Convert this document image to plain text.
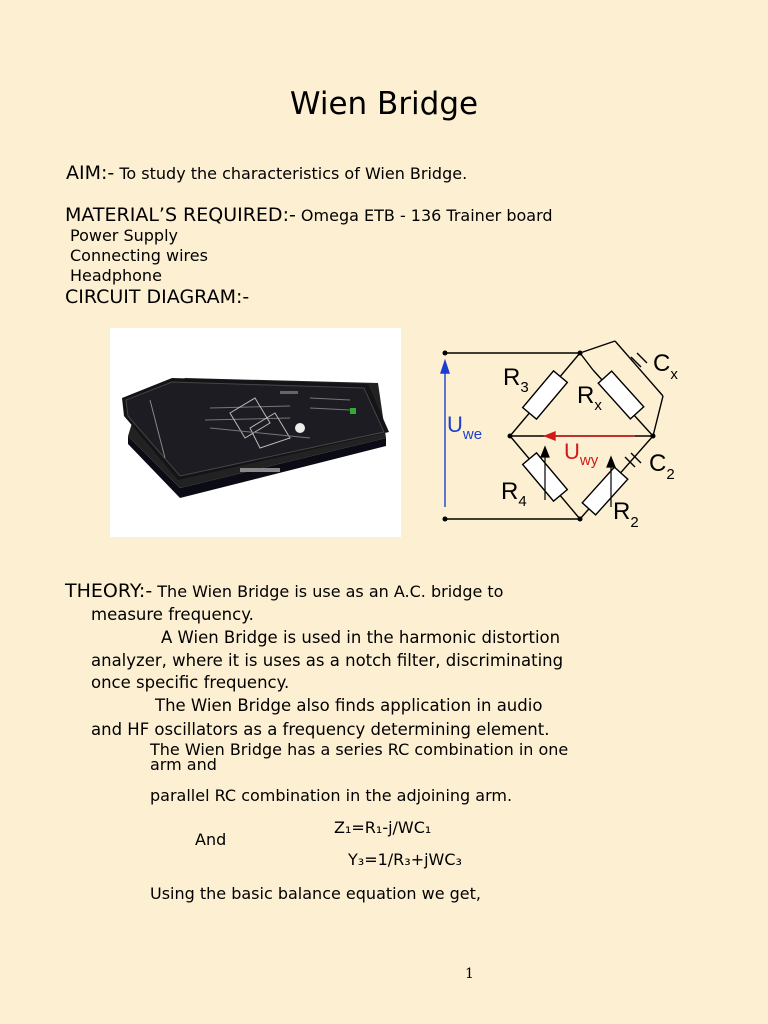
Wien Bridge
AIM:- To study the characteristics of Wien Bridge.
MATERIAL’S REQUIRED:- Omega ETB - 136 Trainer board
Power Supply
Connecting wires
Headphone
CIRCUIT DIAGRAM:-
$R_3$ $R_x$
$C_x$
$C_2$
$R_4$	$R_2$
$U_{we}$
$U_{wy}$
THEORY:- The Wien Bridge is use as an A.C. bridge to
measure frequency.
A Wien Bridge is used in the harmonic distortion
analyzer, where it is uses as a notch filter, discriminating
once specific frequency.
The Wien Bridge also finds application in audio
and HF oscillators as a frequency determining element.
The Wien Bridge has a series RC combination in one
arm and
parallel RC combination in the adjoining arm.
Z₁=R₁-j/WC₁
And
Y₃=1/R₃+jWC₃
Using the basic balance equation we get,
1
